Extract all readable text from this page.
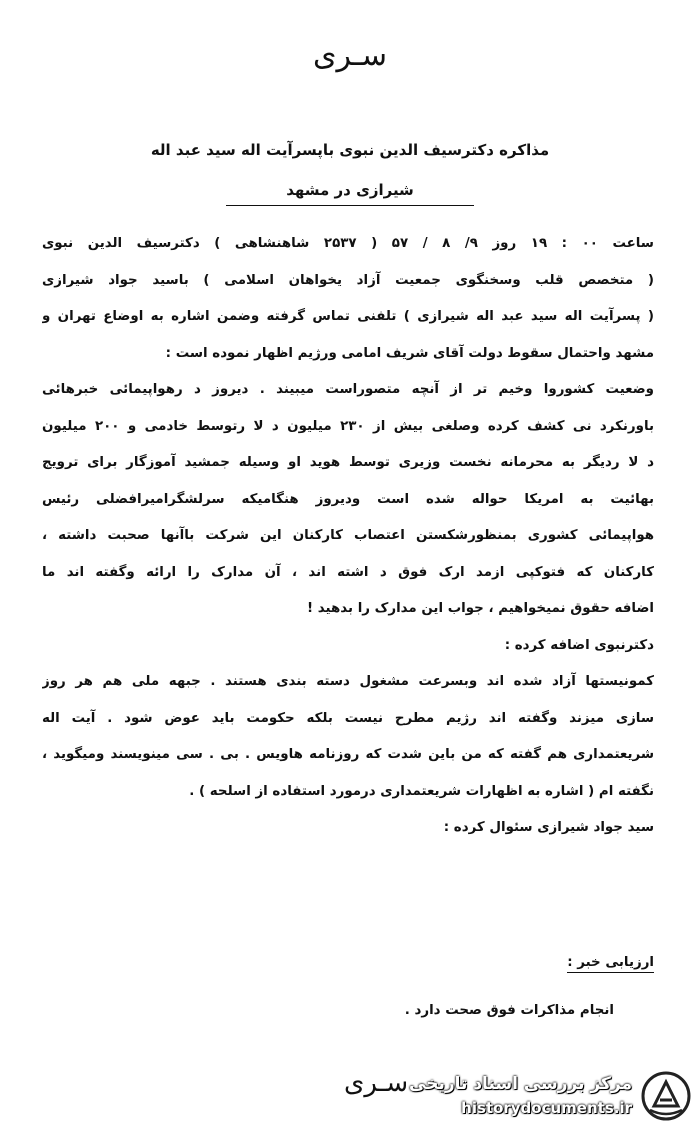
سـری
مذاکره دکترسیف الدین نبوی باپسرآیت اله سید عبد اله
شیرازی در مشهد
ساعت ۰۰ : ۱۹ روز ۹/ ۸ / ۵۷ ( ۲۵۳۷ شاهنشاهی ) دکترسیف الدین نبوی
( متخصص قلب وسخنگوی جمعیت آزاد یخواهان اسلامی ) باسید جواد شیرازی
( پسرآیت اله سید عبد اله شیرازی ) تلفنی تماس گرفته وضمن اشاره به اوضاع تهران و
مشهد واحتمال سقوط دولت آقای شریف امامی ورژیم اظهار نموده است :
وضعیت کشوروا وخیم تر از آنچه متصوراست میبیند . دیروز د رهواپیمائی خبرهائی
باورنکرد نی کشف کرده وصلغی بیش از ۲۳۰ میلیون د لا رتوسط خادمی و ۲۰۰ میلیون
د لا ردیگر به محرمانه نخست وزیری توسط هوید او وسیله جمشید آموزگار برای ترویج
بهائیت به امریکا حواله شده است ودیروز هنگامیکه سرلشگرامیرافضلی رئیس
هواپیمائی کشوری بمنظورشکستن اعتصاب کارکنان این شرکت باآنها صحبت داشته ،
کارکنان که فتوکپی ازمد ارک فوق د اشته اند ، آن مدارک را ارائه وگفته اند ما
اضافه حقوق نمیخواهیم ، جواب این مدارک را بدهید !
دکترنبوی اضافه کرده :
کمونیستها آزاد شده اند وبسرعت مشغول دسته بندی هستند . جبهه ملی هم هر روز
سازی میزند وگفته اند رژیم مطرح نیست بلکه حکومت باید عوض شود . آیت اله
شریعتمداری هم گفته که من باین شدت که روزنامه هاویس . بی . سی مینویسند ومیگوید ،
نگفته ام ( اشاره به اظهارات شریعتمداری درمورد استفاده از اسلحه ) .
سید جواد شیرازی سئوال کرده :
ارزیابی خبر :
انجام مذاکرات فوق صحت دارد .
سـری مرکز بررسی اسناد تاریخی
historydocuments.ir
